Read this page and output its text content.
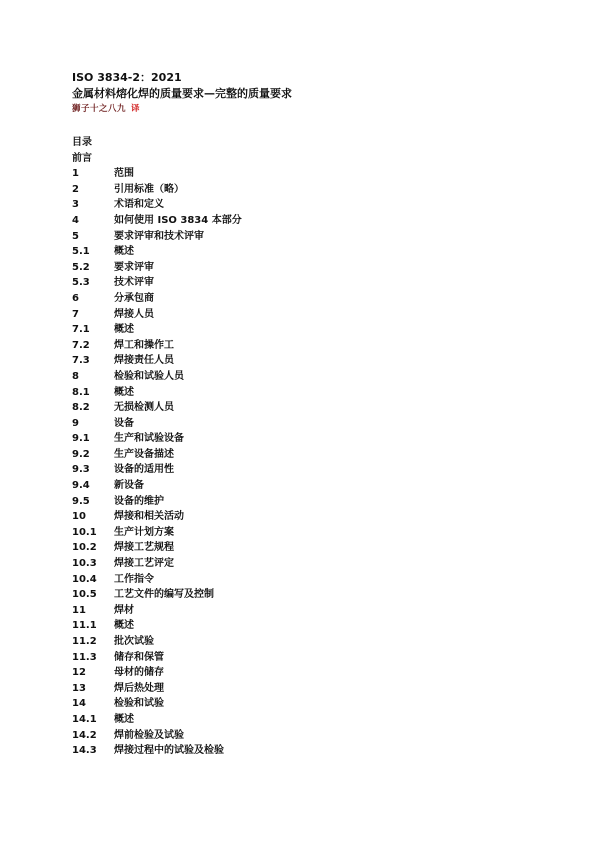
ISO 3834-2：2021
金属材料熔化焊的质量要求—完整的质量要求
狮子十之八九 译
目录
前言
1	范围
2	引用标准（略）
3	术语和定义
4	如何使用 ISO 3834 本部分
5	要求评审和技术评审
5.1	概述
5.2	要求评审
5.3	技术评审
6	分承包商
7	焊接人员
7.1	概述
7.2	焊工和操作工
7.3	焊接责任人员
8	检验和试验人员
8.1	概述
8.2	无损检测人员
9	设备
9.1	生产和试验设备
9.2	生产设备描述
9.3	设备的适用性
9.4	新设备
9.5	设备的维护
10	焊接和相关活动
10.1	生产计划方案
10.2	焊接工艺规程
10.3	焊接工艺评定
10.4	工作指令
10.5	工艺文件的编写及控制
11	焊材
11.1	概述
11.2	批次试验
11.3	储存和保管
12	母材的储存
13	焊后热处理
14	检验和试验
14.1	概述
14.2	焊前检验及试验
14.3	焊接过程中的试验及检验
